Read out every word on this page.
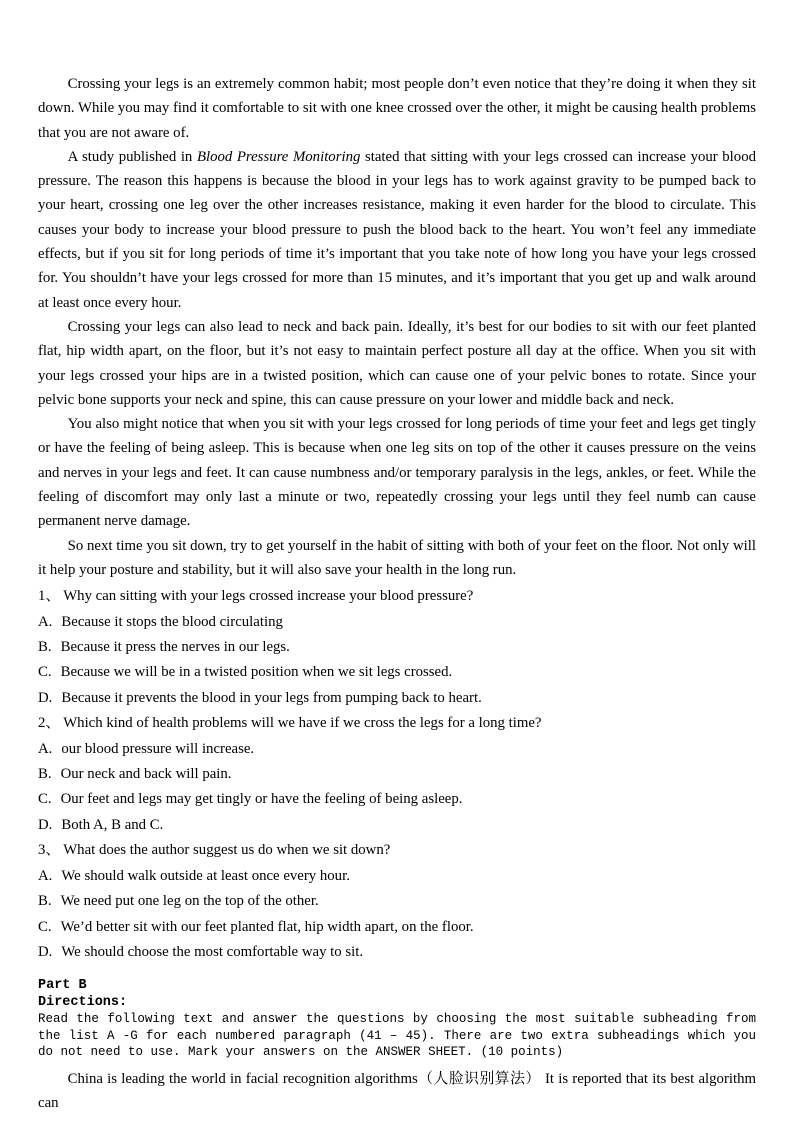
Crossing your legs is an extremely common habit; most people don’t even notice that they’re doing it when they sit down. While you may find it comfortable to sit with one knee crossed over the other, it might be causing health problems that you are not aware of.

A study published in Blood Pressure Monitoring stated that sitting with your legs crossed can increase your blood pressure. The reason this happens is because the blood in your legs has to work against gravity to be pumped back to your heart, crossing one leg over the other increases resistance, making it even harder for the blood to circulate. This causes your body to increase your blood pressure to push the blood back to the heart. You won’t feel any immediate effects, but if you sit for long periods of time it’s important that you take note of how long you have your legs crossed for. You shouldn’t have your legs crossed for more than 15 minutes, and it’s important that you get up and walk around at least once every hour.

Crossing your legs can also lead to neck and back pain. Ideally, it’s best for our bodies to sit with our feet planted flat, hip width apart, on the floor, but it’s not easy to maintain perfect posture all day at the office. When you sit with your legs crossed your hips are in a twisted position, which can cause one of your pelvic bones to rotate. Since your pelvic bone supports your neck and spine, this can cause pressure on your lower and middle back and neck.

You also might notice that when you sit with your legs crossed for long periods of time your feet and legs get tingly or have the feeling of being asleep. This is because when one leg sits on top of the other it causes pressure on the veins and nerves in your legs and feet. It can cause numbness and/or temporary paralysis in the legs, ankles, or feet. While the feeling of discomfort may only last a minute or two, repeatedly crossing your legs until they feel numb can cause permanent nerve damage.

So next time you sit down, try to get yourself in the habit of sitting with both of your feet on the floor. Not only will it help your posture and stability, but it will also save your health in the long run.

1、 Why can sitting with your legs crossed increase your blood pressure?
A. Because it stops the blood circulating
B. Because it press the nerves in our legs.
C. Because we will be in a twisted position when we sit legs crossed.
D. Because it prevents the blood in your legs from pumping back to heart.
2、 Which kind of health problems will we have if we cross the legs for a long time?
A. our blood pressure will increase.
B. Our neck and back will pain.
C. Our feet and legs may get tingly or have the feeling of being asleep.
D. Both A, B and C.
3、 What does the author suggest us do when we sit down?
A. We should walk outside at least once every hour.
B. We need put one leg on the top of the other.
C. We’d better sit with our feet planted flat, hip width apart, on the floor.
D. We should choose the most comfortable way to sit.
Part B
Directions:
Read the following text and answer the questions by choosing the most suitable subheading from the list A -G for each numbered paragraph (41 – 45). There are two extra subheadings which you do not need to use. Mark your answers on the ANSWER SHEET. (10 points)
China is leading the world in facial recognition algorithms（人脸识别算法） It is reported that its best algorithm can
